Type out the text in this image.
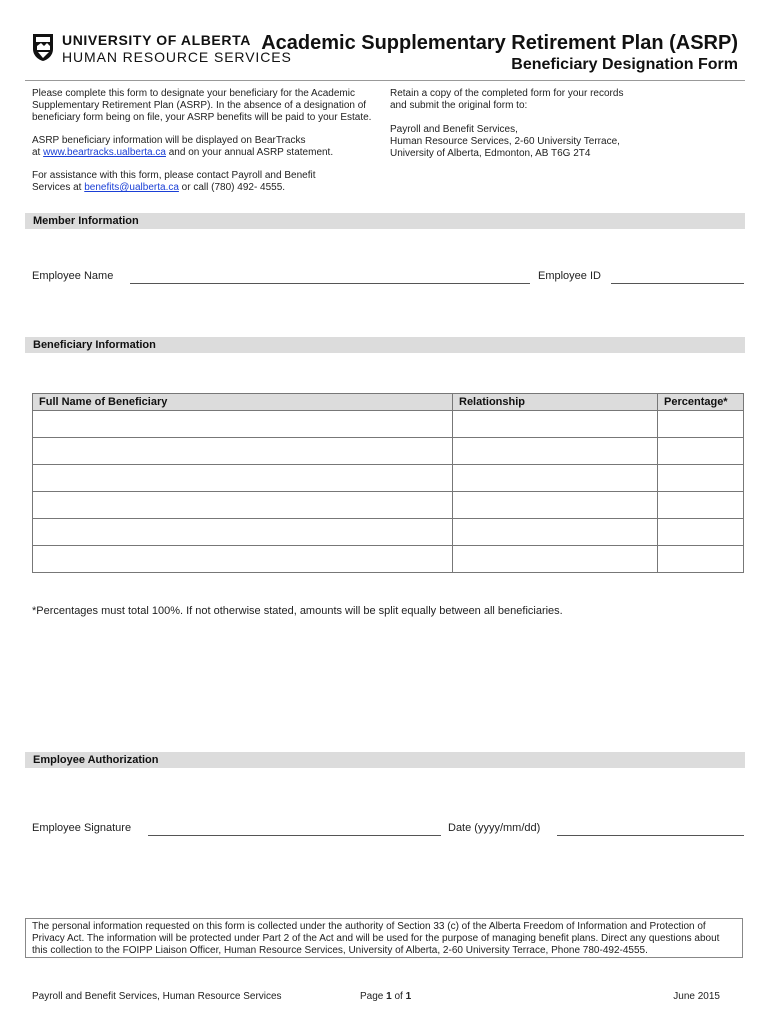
UNIVERSITY OF ALBERTA
HUMAN RESOURCE SERVICES
Academic Supplementary Retirement Plan (ASRP)
Beneficiary Designation Form
Please complete this form to designate your beneficiary for the Academic
Supplementary Retirement Plan (ASRP). In the absence of a designation of
beneficiary form being on file, your ASRP benefits will be paid to your Estate.
ASRP beneficiary information will be displayed on BearTracks
at www.beartracks.ualberta.ca and on your annual ASRP statement.
For assistance with this form, please contact Payroll and Benefit
Services at benefits@ualberta.ca or call (780) 492- 4555.
Retain a copy of the completed form for your records
and submit the original form to:
Payroll and Benefit Services,
Human Resource Services, 2-60 University Terrace,
University of Alberta, Edmonton, AB T6G 2T4
Member Information
Employee Name	Employee ID
Beneficiary Information
Full Name of Beneficiary	Relationship	Percentage*

*Percentages must total 100%. If not otherwise stated, amounts will be split equally between all beneficiaries.
Employee Authorization
Employee Signature	Date (yyyy/mm/dd)
The personal information requested on this form is collected under the authority of Section 33 (c) of the Alberta Freedom of Information and Protection of
Privacy Act. The information will be protected under Part 2 of the Act and will be used for the purpose of managing benefit plans. Direct any questions about
this collection to the FOIPP Liaison Officer, Human Resource Services, University of Alberta, 2-60 University Terrace, Phone 780-492-4555.
Payroll and Benefit Services, Human Resource Services	Page 1 of 1	June 2015
